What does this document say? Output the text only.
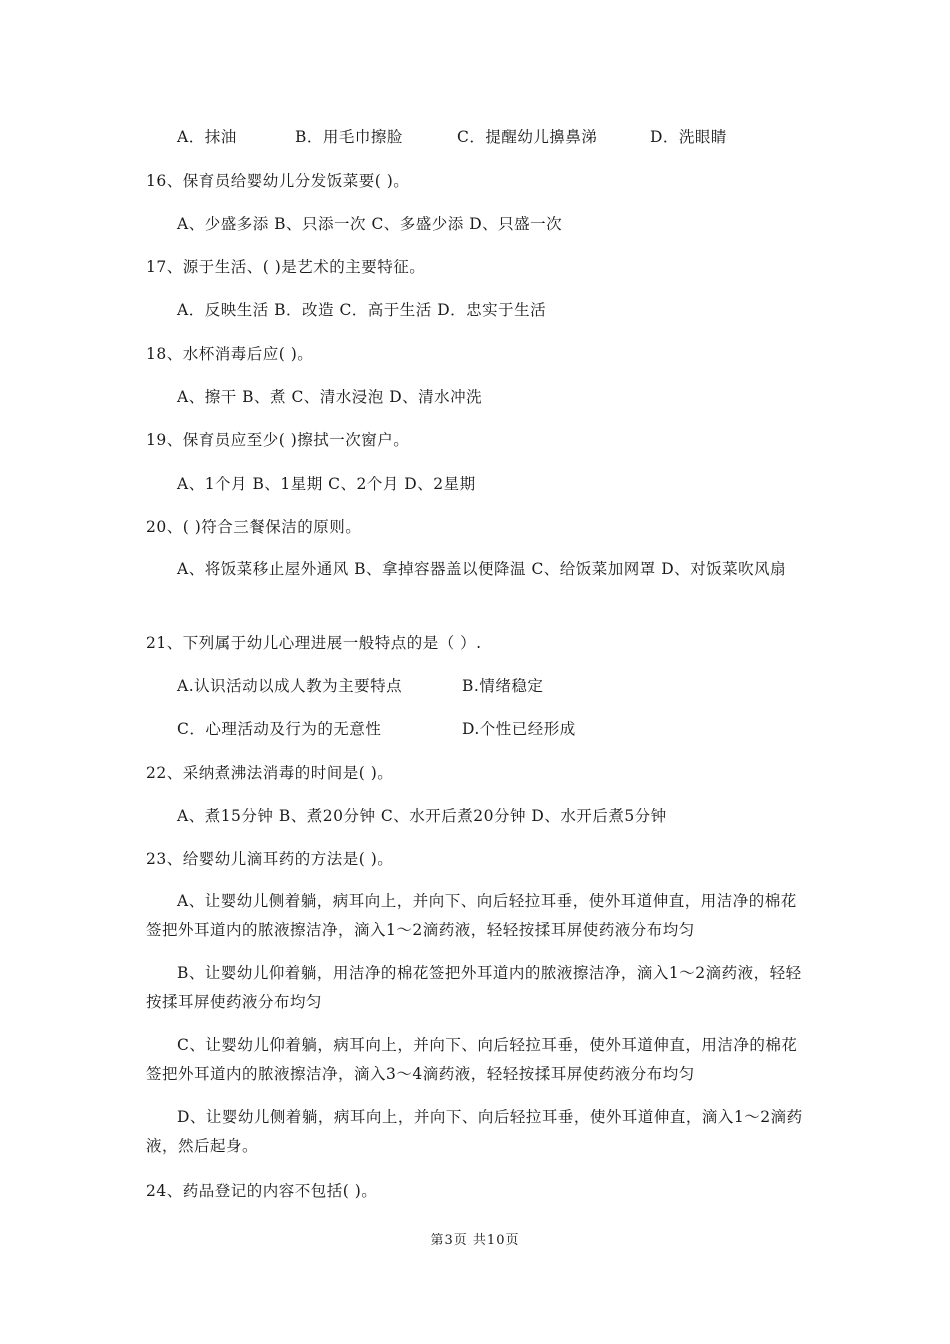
A．抹油	B．用毛巾擦脸	C．提醒幼儿擤鼻涕	D．洗眼睛
16、保育员给婴幼儿分发饭菜要( )。
A、少盛多添 B、只添一次 C、多盛少添 D、只盛一次
17、源于生活、( )是艺术的主要特征。
A．反映生活 B．改造 C．高于生活 D．忠实于生活
18、水杯消毒后应( )。
A、擦干 B、煮 C、清水浸泡 D、清水冲洗
19、保育员应至少( )擦拭一次窗户。
A、1个月 B、1星期 C、2个月 D、2星期
20、( )符合三餐保洁的原则。
A、将饭菜移止屋外通风 B、拿掉容器盖以便降温 C、给饭菜加网罩 D、对饭菜吹风扇
21、下列属于幼儿心理进展一般特点的是（ ）.
A.认识活动以成人教为主要特点	B.情绪稳定
C．心理活动及行为的无意性	D.个性已经形成
22、采纳煮沸法消毒的时间是( )。
A、煮15分钟 B、煮20分钟 C、水开后煮20分钟 D、水开后煮5分钟
23、给婴幼儿滴耳药的方法是( )。
A、让婴幼儿侧着躺，病耳向上，并向下、向后轻拉耳垂，使外耳道伸直，用洁净的棉花签把外耳道内的脓液擦洁净，滴入1～2滴药液，轻轻按揉耳屏使药液分布均匀
B、让婴幼儿仰着躺，用洁净的棉花签把外耳道内的脓液擦洁净，滴入1～2滴药液，轻轻按揉耳屏使药液分布均匀
C、让婴幼儿仰着躺，病耳向上，并向下、向后轻拉耳垂，使外耳道伸直，用洁净的棉花签把外耳道内的脓液擦洁净，滴入3～4滴药液，轻轻按揉耳屏使药液分布均匀
D、让婴幼儿侧着躺，病耳向上，并向下、向后轻拉耳垂，使外耳道伸直，滴入1～2滴药液，然后起身。
24、药品登记的内容不包括( )。
第3页 共10页
